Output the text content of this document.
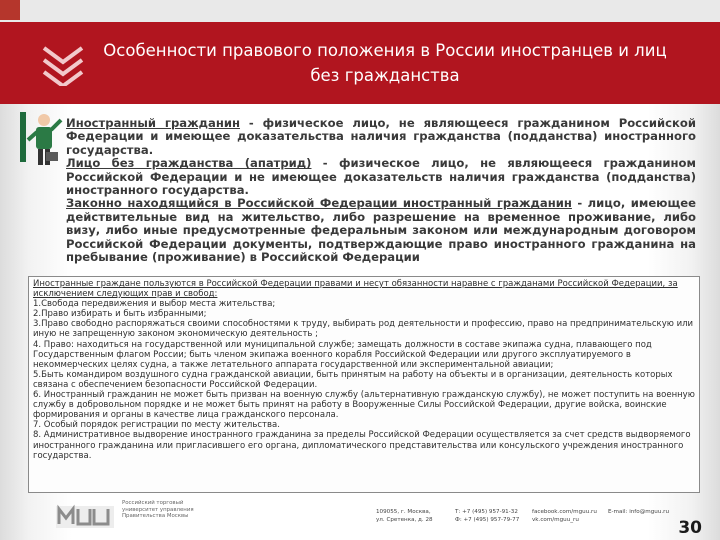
Особенности правового положения в России иностранцев и лиц
без гражданства

Иностранный гражданин - физическое лицо, не являющееся гражданином Российской Федерации и имеющее доказательства наличия гражданства (подданства) иностранного государства.

Лицо без гражданства (апатрид) - физическое лицо, не являющееся гражданином Российской Федерации и не имеющее доказательств наличия гражданства (подданства) иностранного государства.

Законно находящийся в Российской Федерации иностранный гражданин - лицо, имеющее действительные вид на жительство, либо разрешение на временное проживание, либо визу, либо иные предусмотренные федеральным законом или международным договором Российской Федерации документы, подтверждающие право иностранного гражданина на пребывание (проживание) в Российской Федерации

Иностранные граждане пользуются в Российской Федерации правами и несут обязанности наравне с гражданами Российской Федерации, за исключением следующих прав и свобод:

1.Свобода передвижения и выбор места жительства;

2.Право избирать и быть избранными;

3.Право свободно распоряжаться своими способностями к труду, выбирать род деятельности и профессию, право на предпринимательскую или иную не запрещенную законом экономическую деятельность ;

4. Право: находиться на государственной или муниципальной службе; замещать должности в составе экипажа судна, плавающего под Государственным флагом России; быть членом экипажа военного корабля Российской Федерации или другого эксплуатируемого в некоммерческих целях судна, а также летательного аппарата государственной или экспериментальной авиации;

5.Быть командиром воздушного судна гражданской авиации, быть принятым на работу на объекты и в организации, деятельность которых связана с обеспечением безопасности Российской Федерации.

6. Иностранный гражданин не может быть призван на военную службу (альтернативную гражданскую службу), не может поступить на военную службу в добровольном порядке и не может быть принят на работу в Вооруженные Силы Российской Федерации, другие войска, воинские формирования и органы в качестве лица гражданского персонала.

7. Особый порядок регистрации по месту жительства.

8. Административное выдворение иностранного гражданина за пределы Российской Федерации осуществляется за счет средств выдворяемого иностранного гражданина или пригласившего его органа, дипломатического представительства или консульского учреждения иностранного государства.

Российский торговый
университет управления
Правительства Москвы
109055, г. Москва,
ул. Сретенка, д. 28
Т: +7 (495) 957-91-32
Ф: +7 (495) 957-79-77
facebook.com/mguu.ru
vk.com/mguu_ru
E-mail: info@mguu.ru
30
